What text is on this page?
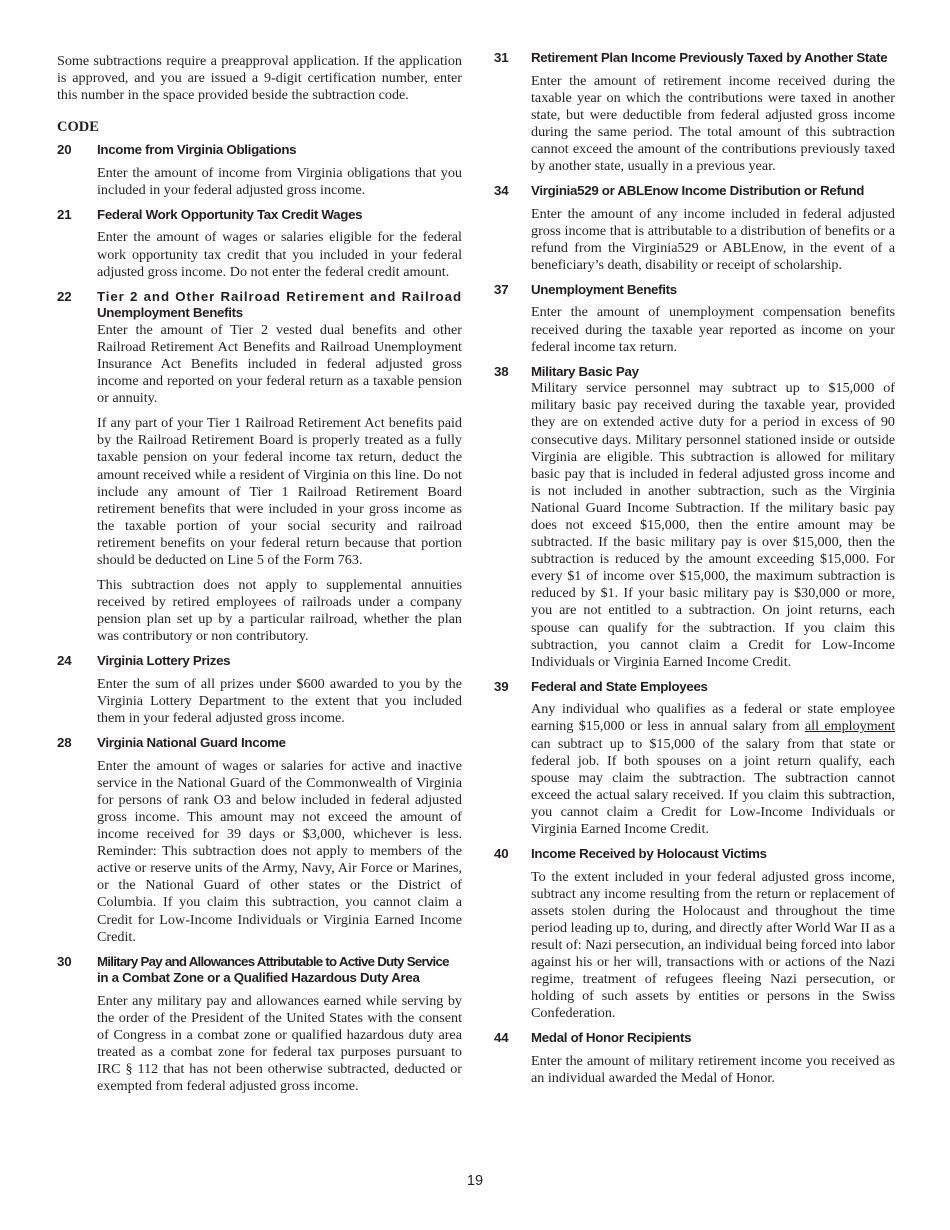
Some subtractions require a preapproval application. If the application is approved, and you are issued a 9-digit certification number, enter this number in the space provided beside the subtraction code.

CODE
20	Income from Virginia Obligations

Enter the amount of income from Virginia obligations that you included in your federal adjusted gross income.

21	Federal Work Opportunity Tax Credit Wages

Enter the amount of wages or salaries eligible for the federal work opportunity tax credit that you included in your federal adjusted gross income. Do not enter the federal credit amount.

22	Tier 2 and Other Railroad Retirement and Railroad
Unemployment Benefits

Enter the amount of Tier 2 vested dual benefits and other Railroad Retirement Act Benefits and Railroad Unemployment Insurance Act Benefits included in federal adjusted gross income and reported on your federal return as a taxable pension or annuity.

If any part of your Tier 1 Railroad Retirement Act benefits paid by the Railroad Retirement Board is properly treated as a fully taxable pension on your federal income tax return, deduct the amount received while a resident of Virginia on this line. Do not include any amount of Tier 1 Railroad Retirement Board retirement benefits that were included in your gross income as the taxable portion of your social security and railroad retirement benefits on your federal return because that portion should be deducted on Line 5 of the Form 763.

This subtraction does not apply to supplemental annuities received by retired employees of railroads under a company pension plan set up by a particular railroad, whether the plan was contributory or non contributory.

24	Virginia Lottery Prizes

Enter the sum of all prizes under $600 awarded to you by the Virginia Lottery Department to the extent that you included them in your federal adjusted gross income.

28	Virginia National Guard Income

Enter the amount of wages or salaries for active and inactive service in the National Guard of the Commonwealth of Virginia for persons of rank O3 and below included in federal adjusted gross income. This amount may not exceed the amount of income received for 39 days or $3,000, whichever is less. Reminder: This subtraction does not apply to members of the active or reserve units of the Army, Navy, Air Force or Marines, or the National Guard of other states or the District of Columbia. If you claim this subtraction, you cannot claim a Credit for Low-Income Individuals or Virginia Earned Income Credit.

30	Military Pay and Allowances Attributable to Active Duty Service
in a Combat Zone or a Qualified Hazardous Duty Area

Enter any military pay and allowances earned while serving by the order of the President of the United States with the consent of Congress in a combat zone or qualified hazardous duty area treated as a combat zone for federal tax purposes pursuant to IRC § 112 that has not been otherwise subtracted, deducted or exempted from federal adjusted gross income.

31	Retirement Plan Income Previously Taxed by Another State

Enter the amount of retirement income received during the taxable year on which the contributions were taxed in another state, but were deductible from federal adjusted gross income during the same period. The total amount of this subtraction cannot exceed the amount of the contributions previously taxed by another state, usually in a previous year.

34	Virginia529 or ABLEnow Income Distribution or Refund

Enter the amount of any income included in federal adjusted gross income that is attributable to a distribution of benefits or a refund from the Virginia529 or ABLEnow, in the event of a beneficiary’s death, disability or receipt of scholarship.

37	Unemployment Benefits

Enter the amount of unemployment compensation benefits received during the taxable year reported as income on your federal income tax return.

38	Military Basic Pay

Military service personnel may subtract up to $15,000 of military basic pay received during the taxable year, provided they are on extended active duty for a period in excess of 90 consecutive days. Military personnel stationed inside or outside Virginia are eligible. This subtraction is allowed for military basic pay that is included in federal adjusted gross income and is not included in another subtraction, such as the Virginia National Guard Income Subtraction. If the military basic pay does not exceed $15,000, then the entire amount may be subtracted. If the basic military pay is over $15,000, then the subtraction is reduced by the amount exceeding $15,000. For every $1 of income over $15,000, the maximum subtraction is reduced by $1. If your basic military pay is $30,000 or more, you are not entitled to a subtraction. On joint returns, each spouse can qualify for the subtraction. If you claim this subtraction, you cannot claim a Credit for Low-Income Individuals or Virginia Earned Income Credit.

39	Federal and State Employees

Any individual who qualifies as a federal or state employee earning $15,000 or less in annual salary from all employment can subtract up to $15,000 of the salary from that state or federal job. If both spouses on a joint return qualify, each spouse may claim the subtraction. The subtraction cannot exceed the actual salary received. If you claim this subtraction, you cannot claim a Credit for Low-Income Individuals or Virginia Earned Income Credit.

40	Income Received by Holocaust Victims

To the extent included in your federal adjusted gross income, subtract any income resulting from the return or replacement of assets stolen during the Holocaust and throughout the time period leading up to, during, and directly after World War II as a result of: Nazi persecution, an individual being forced into labor against his or her will, transactions with or actions of the Nazi regime, treatment of refugees fleeing Nazi persecution, or holding of such assets by entities or persons in the Swiss Confederation.

44	Medal of Honor Recipients

Enter the amount of military retirement income you received as an individual awarded the Medal of Honor.

19
